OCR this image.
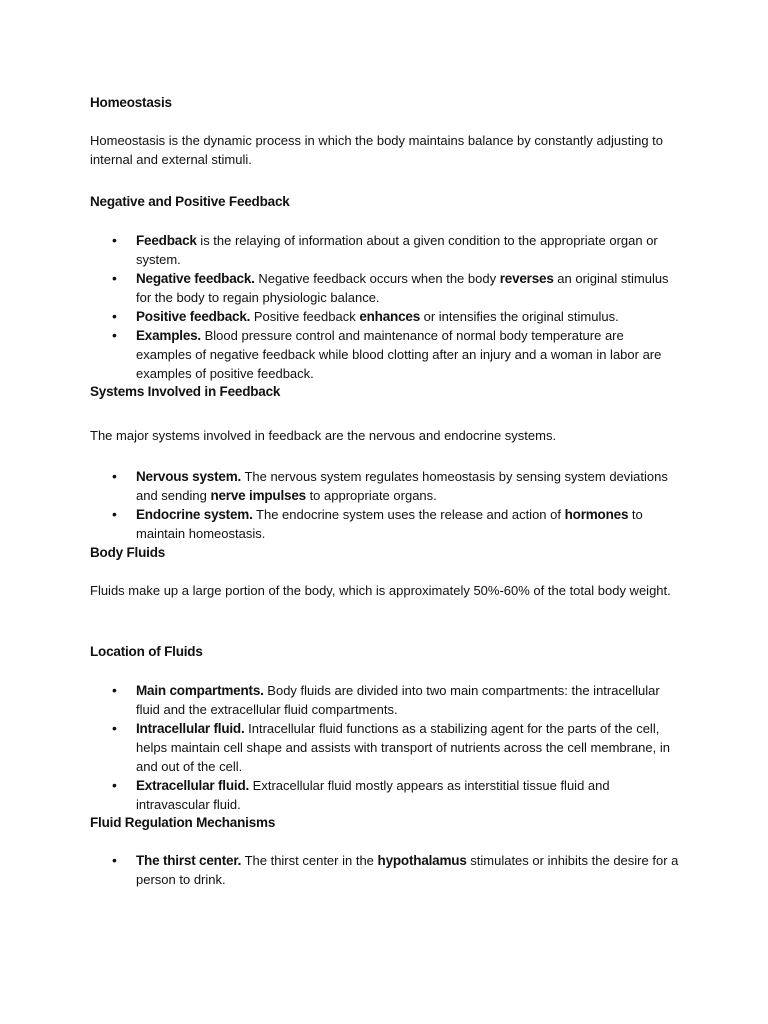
Homeostasis

Homeostasis is the dynamic process in which the body maintains balance by constantly adjusting to internal and external stimuli.

Negative and Positive Feedback
• Feedback is the relaying of information about a given condition to the appropriate organ or system.
• Negative feedback. Negative feedback occurs when the body reverses an original stimulus for the body to regain physiologic balance.
• Positive feedback. Positive feedback enhances or intensifies the original stimulus.
• Examples. Blood pressure control and maintenance of normal body temperature are examples of negative feedback while blood clotting after an injury and a woman in labor are examples of positive feedback.
Systems Involved in Feedback

The major systems involved in feedback are the nervous and endocrine systems.

• Nervous system. The nervous system regulates homeostasis by sensing system deviations and sending nerve impulses to appropriate organs.
• Endocrine system. The endocrine system uses the release and action of hormones to maintain homeostasis.
Body Fluids

Fluids make up a large portion of the body, which is approximately 50%-60% of the total body weight.

Location of Fluids
• Main compartments. Body fluids are divided into two main compartments: the intracellular fluid and the extracellular fluid compartments.
• Intracellular fluid. Intracellular fluid functions as a stabilizing agent for the parts of the cell, helps maintain cell shape and assists with transport of nutrients across the cell membrane, in and out of the cell.
• Extracellular fluid. Extracellular fluid mostly appears as interstitial tissue fluid and intravascular fluid.
Fluid Regulation Mechanisms
• The thirst center. The thirst center in the hypothalamus stimulates or inhibits the desire for a person to drink.
